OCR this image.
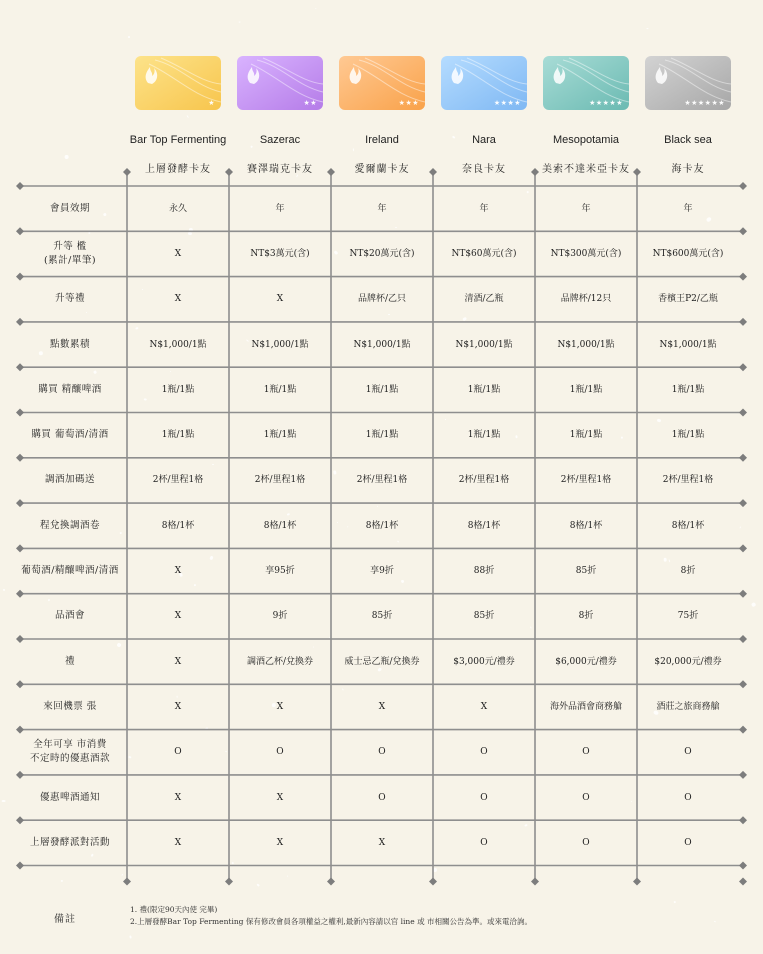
★	★★	★★★	★★★★	★★★★★	★★★★★★
Bar Top Fermenting	Sazerac	Ireland	Nara	Mesopotamia	Black sea
上層發酵卡友	賽澤瑞克卡友	愛爾蘭卡友	奈良卡友	美索不達米亞卡友	海卡友
會員效期	永久	年	年	年	年	年
升等 檻
(累計/單筆)
X	NT$3萬元(含)	NT$20萬元(含)	NT$60萬元(含)	NT$300萬元(含)	NT$600萬元(含)
升等禮	X	X	品牌杯/乙只	清酒/乙瓶	品牌杯/12只	香檳王P2/乙瓶
點數累積	N$1,000/1點	N$1,000/1點	N$1,000/1點	N$1,000/1點	N$1,000/1點	N$1,000/1點
購買 精釀啤酒	1瓶/1點	1瓶/1點	1瓶/1點	1瓶/1點	1瓶/1點	1瓶/1點
購買 葡萄酒/清酒	1瓶/1點	1瓶/1點	1瓶/1點	1瓶/1點	1瓶/1點	1瓶/1點
調酒加碼送	2杯/里程1格	2杯/里程1格	2杯/里程1格	2杯/里程1格	2杯/里程1格	2杯/里程1格
程兌換調酒卷	8格/1杯	8格/1杯	8格/1杯	8格/1杯	8格/1杯	8格/1杯
葡萄酒/精釀啤酒/清酒	X	享95折	享9折	88折	85折	8折
品酒會	X	9折	85折	85折	8折	75折
禮	X	調酒乙杯/兌換券	威士忌乙瓶/兌換券	$3,000元/禮券	$6,000元/禮券	$20,000元/禮券
來回機票 張	X	X	X	X	海外品酒會商務艙	酒莊之旅商務艙
全年可享 市消費
不定時的優惠酒款
O	O	O	O	O	O
優惠啤酒通知	X	X	O	O	O	O
上層發酵派對活動	X	X	X	O	O	O
備註
1. 禮(限定90天內使 完畢)
2.上層發酵Bar Top Fermenting 保有修改會員各項權益之權利,最新內容請以官 line 或 市相關公告為準。或來電洽詢。
